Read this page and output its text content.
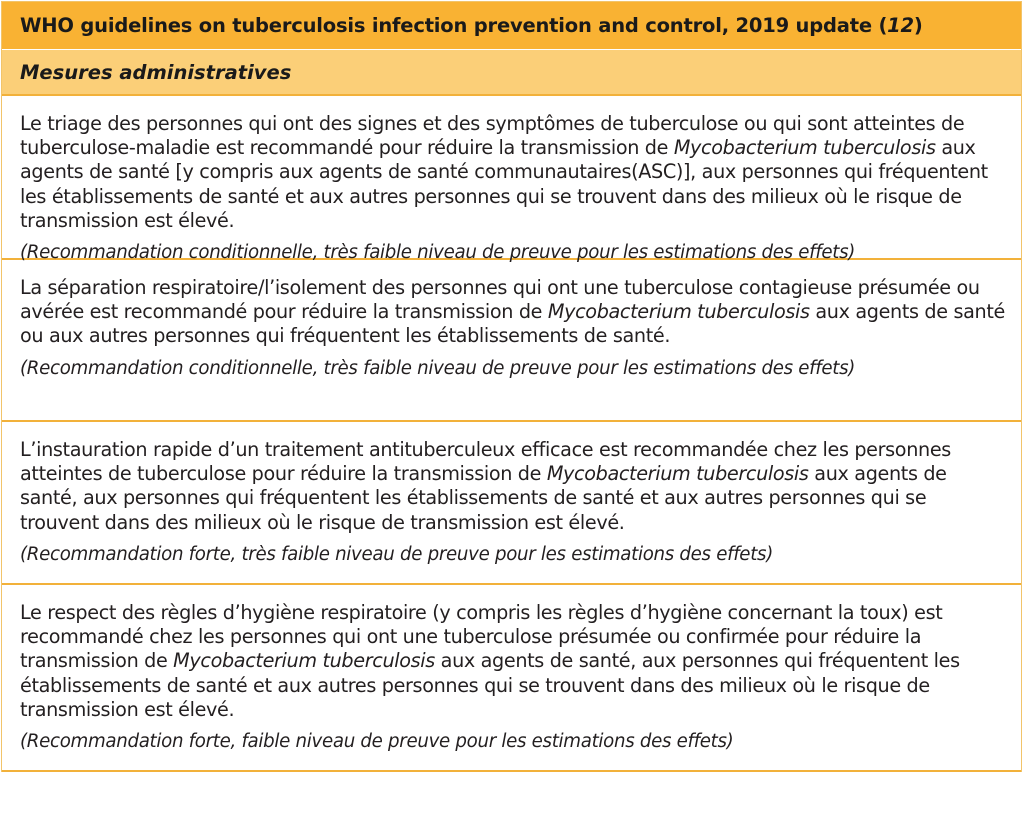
WHO guidelines on tuberculosis infection prevention and control, 2019 update ( 12 )
Mesures administratives

Le triage des personnes qui ont des signes et des symptômes de tuberculose ou qui sont atteintes de tuberculose-maladie est recommandé pour réduire la transmission de Mycobacterium tuberculosis aux agents de santé [y compris aux agents de santé communautaires(ASC)], aux personnes qui fréquentent les établissements de santé et aux autres personnes qui se trouvent dans des milieux où le risque de transmission est élevé.

(Recommandation conditionnelle, très faible niveau de preuve pour les estimations des effets)

La séparation respiratoire/l’isolement des personnes qui ont une tuberculose contagieuse présumée ou avérée est recommandé pour réduire la transmission de Mycobacterium tuberculosis aux agents de santé ou aux autres personnes qui fréquentent les établissements de santé.

(Recommandation conditionnelle, très faible niveau de preuve pour les estimations des effets)

L’instauration rapide d’un traitement antituberculeux efficace est recommandée chez les personnes atteintes de tuberculose pour réduire la transmission de Mycobacterium tuberculosis aux agents de santé, aux personnes qui fréquentent les établissements de santé et aux autres personnes qui se trouvent dans des milieux où le risque de transmission est élevé.

(Recommandation forte, très faible niveau de preuve pour les estimations des effets)

Le respect des règles d’hygiène respiratoire (y compris les règles d’hygiène concernant la toux) est recommandé chez les personnes qui ont une tuberculose présumée ou confirmée pour réduire la transmission de Mycobacterium tuberculosis aux agents de santé, aux personnes qui fréquentent les établissements de santé et aux autres personnes qui se trouvent dans des milieux où le risque de transmission est élevé.

(Recommandation forte, faible niveau de preuve pour les estimations des effets)
